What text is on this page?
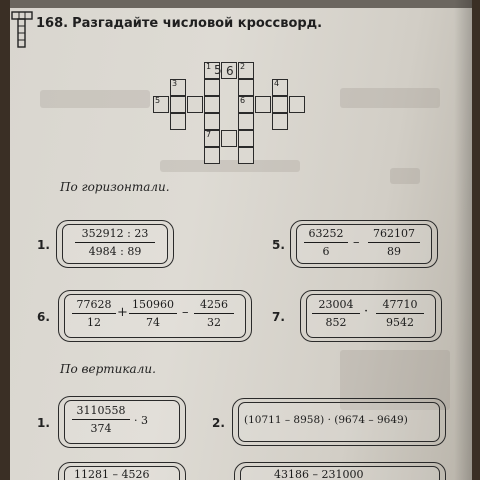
168. Разгадайте числовой кроссворд.
1	2
3	4
5	6
7
5 6
По горизонтали.
1. $\frac{352912 : 23}{4984 : 89}$	5. $\frac{63252}{6} - \frac{762107}{89}$
6. $\frac{77628}{12} + \frac{150960}{74} - \frac{4256}{32}$	7. $\frac{23004}{852} \cdot \frac{47710}{9542}$
По вертикали.
1. $\frac{3110558}{374} \cdot 3$	2. (10711 – 8958) · (9674 – 9649)
11281 – 4526	43186 – 231000
